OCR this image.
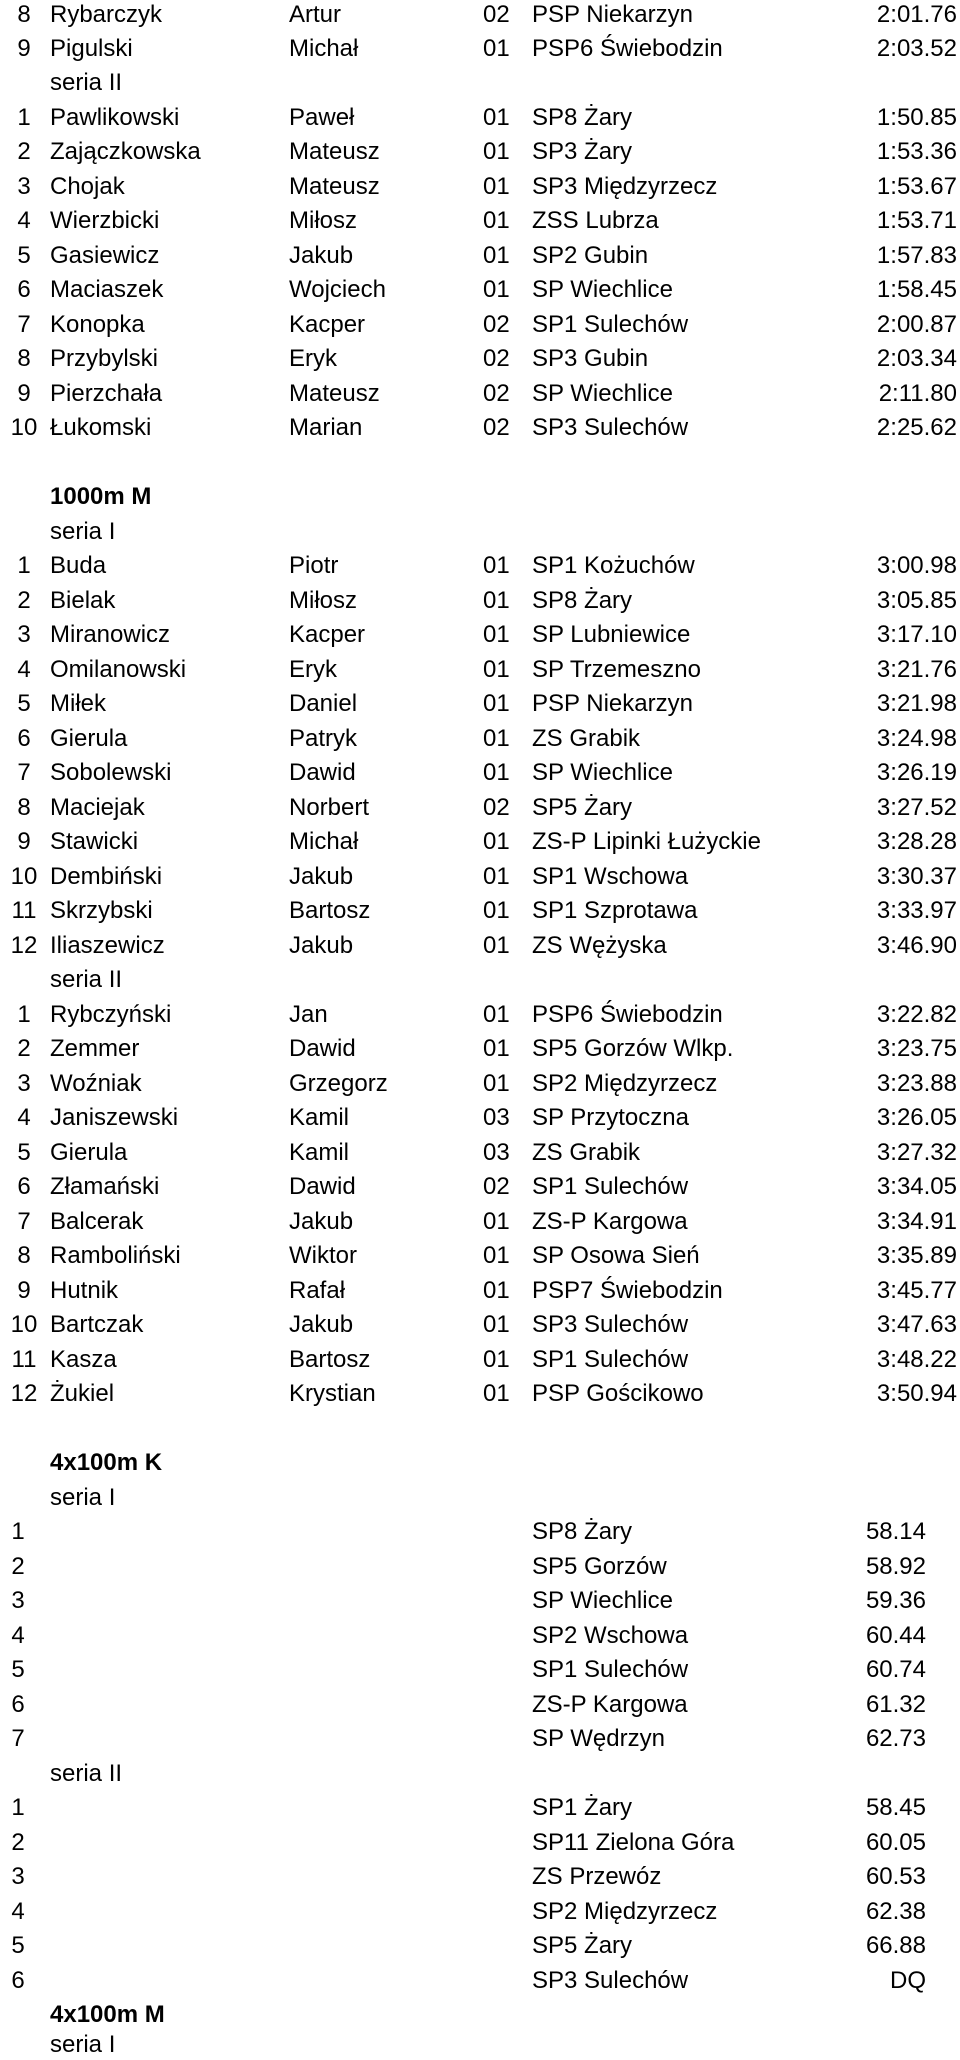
8 Rybarczyk	Artur	02 PSP Niekarzyn	2:01.76
9 Pigulski	Michał	01 PSP6 Świebodzin	2:03.52
seria II
1 Pawlikowski	Paweł	01 SP8 Żary	1:50.85
2 Zajączkowska	Mateusz	01 SP3 Żary	1:53.36
3 Chojak	Mateusz	01 SP3 Międzyrzecz	1:53.67
4 Wierzbicki	Miłosz	01 ZSS Lubrza	1:53.71
5 Gasiewicz	Jakub	01 SP2 Gubin	1:57.83
6 Maciaszek	Wojciech	01 SP Wiechlice	1:58.45
7 Konopka	Kacper	02 SP1 Sulechów	2:00.87
8 Przybylski	Eryk	02 SP3 Gubin	2:03.34
9 Pierzchała	Mateusz	02 SP Wiechlice	2:11.80
10 Łukomski	Marian	02 SP3 Sulechów	2:25.62
1000m M
seria I
1 Buda	Piotr	01 SP1 Kożuchów	3:00.98
2 Bielak	Miłosz	01 SP8 Żary	3:05.85
3 Miranowicz	Kacper	01 SP Lubniewice	3:17.10
4 Omilanowski	Eryk	01 SP Trzemeszno	3:21.76
5 Miłek	Daniel	01 PSP Niekarzyn	3:21.98
6 Gierula	Patryk	01 ZS Grabik	3:24.98
7 Sobolewski	Dawid	01 SP Wiechlice	3:26.19
8 Maciejak	Norbert	02 SP5 Żary	3:27.52
9 Stawicki	Michał	01 ZS-P Lipinki Łużyckie	3:28.28
10 Dembiński	Jakub	01 SP1 Wschowa	3:30.37
11 Skrzybski	Bartosz	01 SP1 Szprotawa	3:33.97
12 Iliaszewicz	Jakub	01 ZS Wężyska	3:46.90
seria II
1 Rybczyński	Jan	01 PSP6 Świebodzin	3:22.82
2 Zemmer	Dawid	01 SP5 Gorzów Wlkp.	3:23.75
3 Woźniak	Grzegorz	01 SP2 Międzyrzecz	3:23.88
4 Janiszewski	Kamil	03 SP Przytoczna	3:26.05
5 Gierula	Kamil	03 ZS Grabik	3:27.32
6 Złamański	Dawid	02 SP1 Sulechów	3:34.05
7 Balcerak	Jakub	01 ZS-P Kargowa	3:34.91
8 Ramboliński	Wiktor	01 SP Osowa Sień	3:35.89
9 Hutnik	Rafał	01 PSP7 Świebodzin	3:45.77
10 Bartczak	Jakub	01 SP3 Sulechów	3:47.63
11 Kasza	Bartosz	01 SP1 Sulechów	3:48.22
12 Żukiel	Krystian	01 PSP Gościkowo	3:50.94
4x100m K
seria I
1	SP8 Żary	58.14
2	SP5 Gorzów	58.92
3	SP Wiechlice	59.36
4	SP2 Wschowa	60.44
5	SP1 Sulechów	60.74
6	ZS-P Kargowa	61.32
7	SP Wędrzyn	62.73
seria II
1	SP1 Żary	58.45
2	SP11 Zielona Góra	60.05
3	ZS Przewóz	60.53
4	SP2 Międzyrzecz	62.38
5	SP5 Żary	66.88
6	SP3 Sulechów	DQ
4x100m M
seria I
